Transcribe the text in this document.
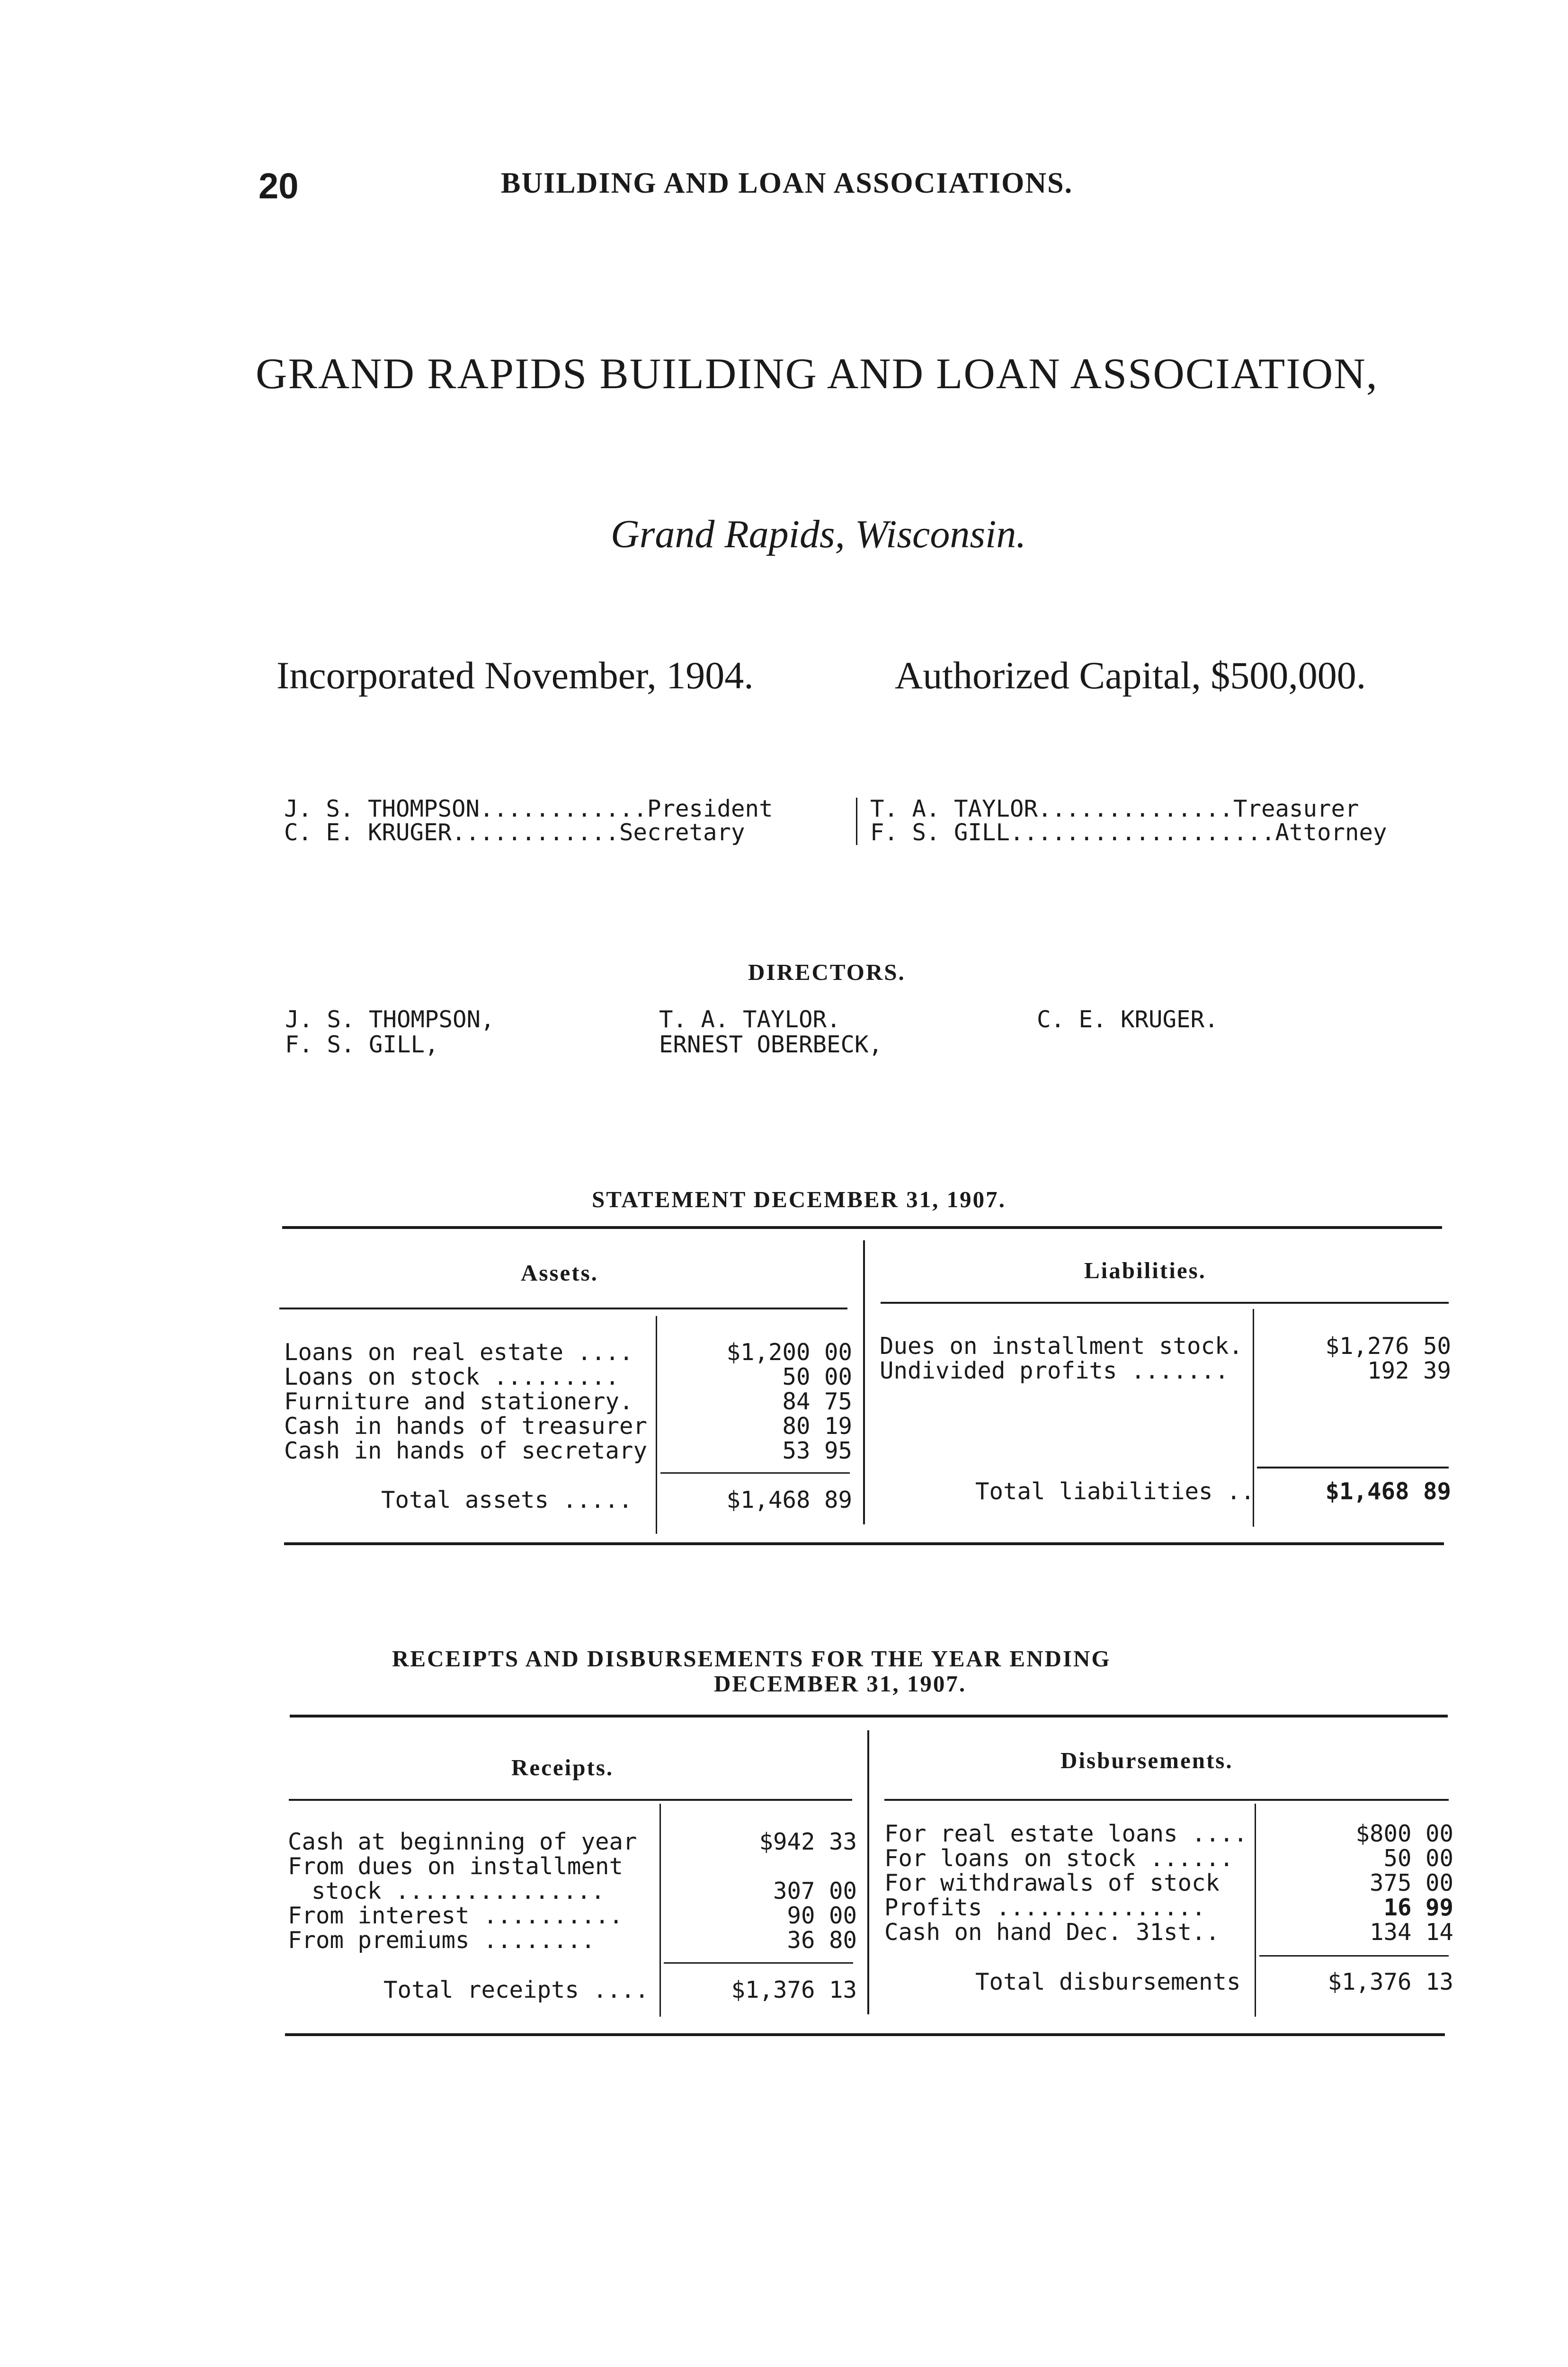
20	BUILDING AND LOAN ASSOCIATIONS.
GRAND RAPIDS BUILDING AND LOAN ASSOCIATION,
Grand Rapids, Wisconsin.
Incorporated November, 1904.	Authorized Capital, $500,000.
J. S. THOMPSON............President
C. E. KRUGER............Secretary
T. A. TAYLOR..............Treasurer
F. S. GILL...................Attorney
DIRECTORS.
J. S. THOMPSON,
F. S. GILL,
T. A. TAYLOR.
ERNEST OBERBECK,
C. E. KRUGER.
STATEMENT DECEMBER 31, 1907.
Assets.	Liabilities.
Loans on real estate ....	$1,200 00
Loans on stock .........	50 00
Furniture and stationery.	84 75
Cash in hands of treasurer	80 19
Cash in hands of secretary	53 95
Total assets .....	$1,468 89
Dues on installment stock.	$1,276 50
Undivided profits .......	192 39
Total liabilities ..	$1,468 89
RECEIPTS AND DISBURSEMENTS FOR THE YEAR ENDING
DECEMBER 31, 1907.
Receipts.	Disbursements.
Cash at beginning of year	$942 33
From dues on installment
stock ...............	307 00
From interest ..........	90 00
From premiums ........	36 80
Total receipts ....	$1,376 13
For real estate loans ....	$800 00
For loans on stock ......	50 00
For withdrawals of stock	375 00
Profits ...............	16 99
Cash on hand Dec. 31st..	134 14
Total disbursements	$1,376 13
